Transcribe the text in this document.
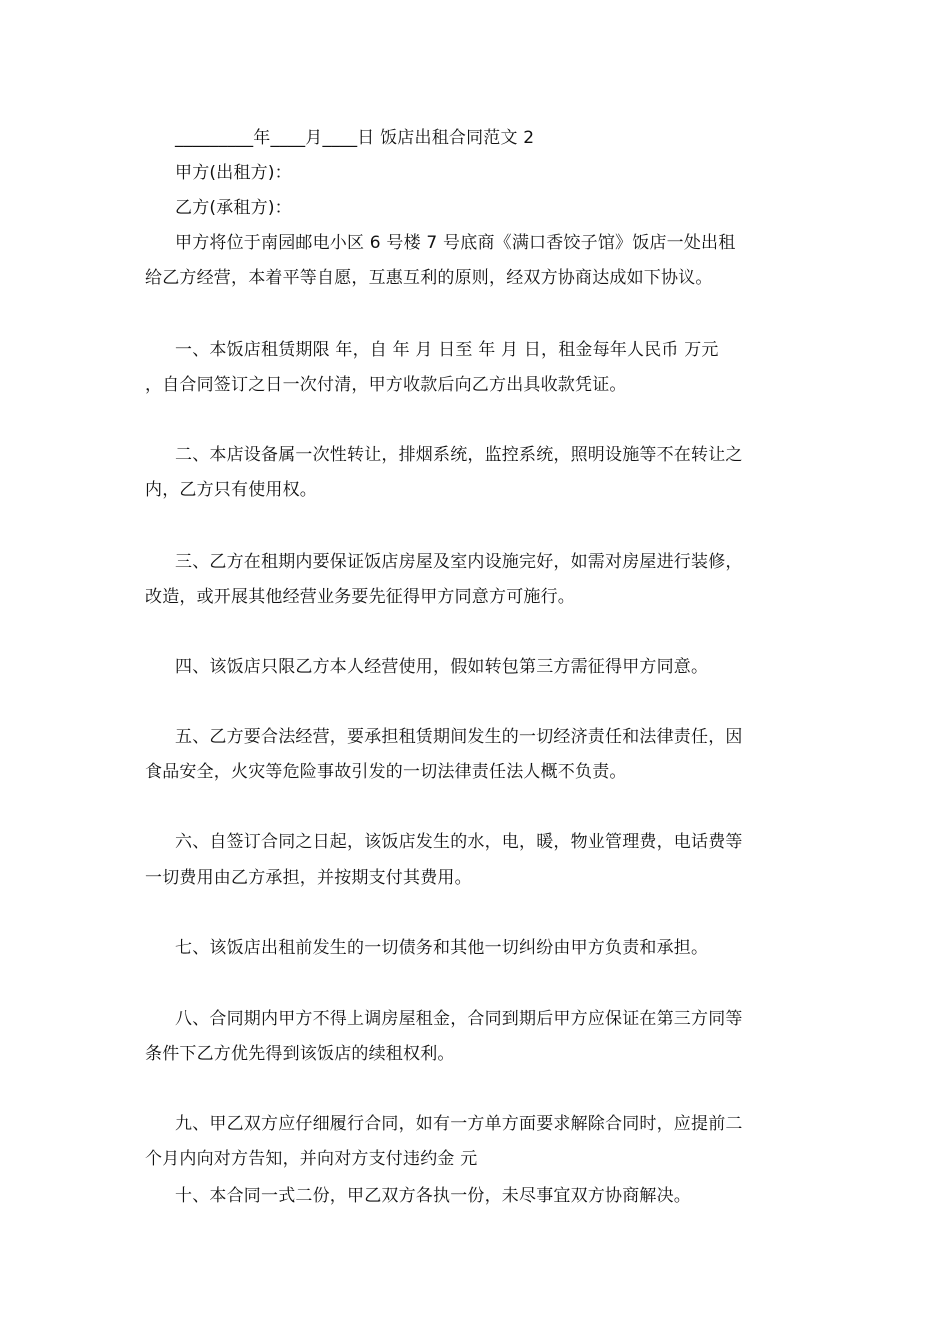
_________年____月____日 饭店出租合同范文 2
甲方(出租方)：
乙方(承租方)：
甲方将位于南园邮电小区 6 号楼 7 号底商《满口香饺子馆》饭店一处出租
给乙方经营，本着平等自愿，互惠互利的原则，经双方协商达成如下协议。
一、本饭店租赁期限 年，自 年 月 日至 年 月 日，租金每年人民币 万元
，自合同签订之日一次付清，甲方收款后向乙方出具收款凭证。
二、本店设备属一次性转让，排烟系统，监控系统，照明设施等不在转让之
内，乙方只有使用权。
三、乙方在租期内要保证饭店房屋及室内设施完好，如需对房屋进行装修，
改造，或开展其他经营业务要先征得甲方同意方可施行。
四、该饭店只限乙方本人经营使用，假如转包第三方需征得甲方同意。
五、乙方要合法经营，要承担租赁期间发生的一切经济责任和法律责任，因
食品安全，火灾等危险事故引发的一切法律责任法人概不负责。
六、自签订合同之日起，该饭店发生的水，电，暖，物业管理费，电话费等
一切费用由乙方承担，并按期支付其费用。
七、该饭店出租前发生的一切债务和其他一切纠纷由甲方负责和承担。
八、合同期内甲方不得上调房屋租金，合同到期后甲方应保证在第三方同等
条件下乙方优先得到该饭店的续租权利。
九、甲乙双方应仔细履行合同，如有一方单方面要求解除合同时，应提前二
个月内向对方告知，并向对方支付违约金 元
十、本合同一式二份，甲乙双方各执一份，未尽事宜双方协商解决。
